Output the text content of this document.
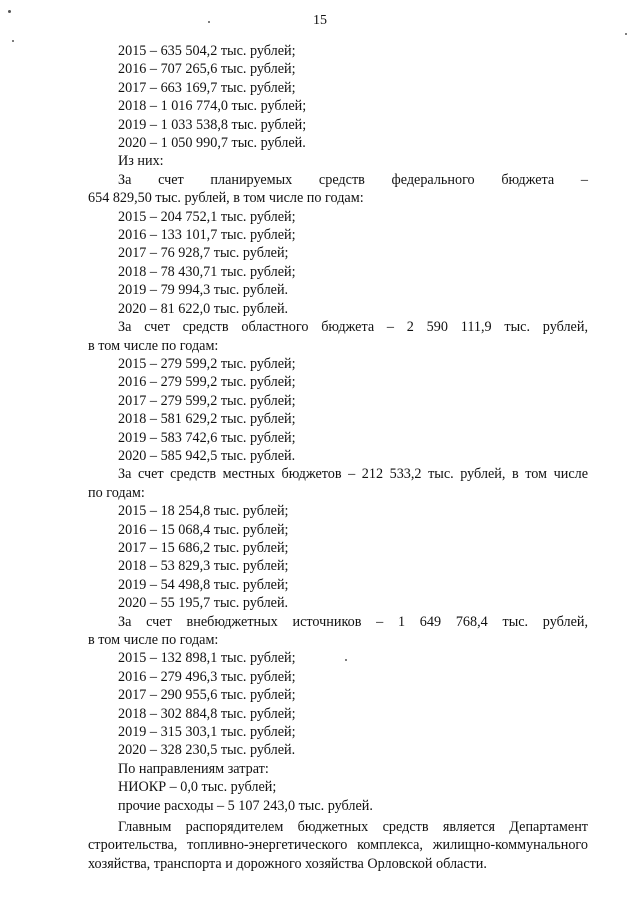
15

2015 – 635 504,2 тыс. рублей;

2016 – 707 265,6 тыс. рублей;

2017 – 663 169,7 тыс. рублей;

2018 – 1 016 774,0 тыс. рублей;

2019 – 1 033 538,8 тыс. рублей;

2020 – 1 050 990,7 тыс. рублей.

Из них:

За счет планируемых средств федерального бюджета –

654 829,50 тыс. рублей, в том числе по годам:

2015 – 204 752,1 тыс. рублей;

2016 – 133 101,7 тыс. рублей;

2017 – 76 928,7 тыс. рублей;

2018 – 78 430,71 тыс. рублей;

2019 – 79 994,3 тыс. рублей.

2020 – 81 622,0 тыс. рублей.

За счет средств областного бюджета – 2 590 111,9 тыс. рублей,

в том числе по годам:

2015 – 279 599,2 тыс. рублей;

2016 – 279 599,2 тыс. рублей;

2017 – 279 599,2 тыс. рублей;

2018 – 581 629,2 тыс. рублей;

2019 – 583 742,6 тыс. рублей;

2020 – 585 942,5 тыс. рублей.

За счет средств местных бюджетов – 212 533,2 тыс. рублей, в том числе

по годам:

2015 – 18 254,8 тыс. рублей;

2016 – 15 068,4 тыс. рублей;

2017 – 15 686,2 тыс. рублей;

2018 – 53 829,3 тыс. рублей;

2019 – 54 498,8 тыс. рублей;

2020 – 55 195,7 тыс. рублей.

За счет внебюджетных источников – 1 649 768,4 тыс. рублей,

в том числе по годам:

2015 – 132 898,1 тыс. рублей;

2016 – 279 496,3 тыс. рублей;

2017 – 290 955,6 тыс. рублей;

2018 – 302 884,8 тыс. рублей;

2019 – 315 303,1 тыс. рублей;

2020 – 328 230,5 тыс. рублей.

По направлениям затрат:

НИОКР – 0,0 тыс. рублей;

прочие расходы – 5 107 243,0 тыс. рублей.

Главным распорядителем бюджетных средств является Департамент
строительства, топливно-энергетического комплекса, жилищно-коммунального
хозяйства, транспорта и дорожного хозяйства Орловской области.
